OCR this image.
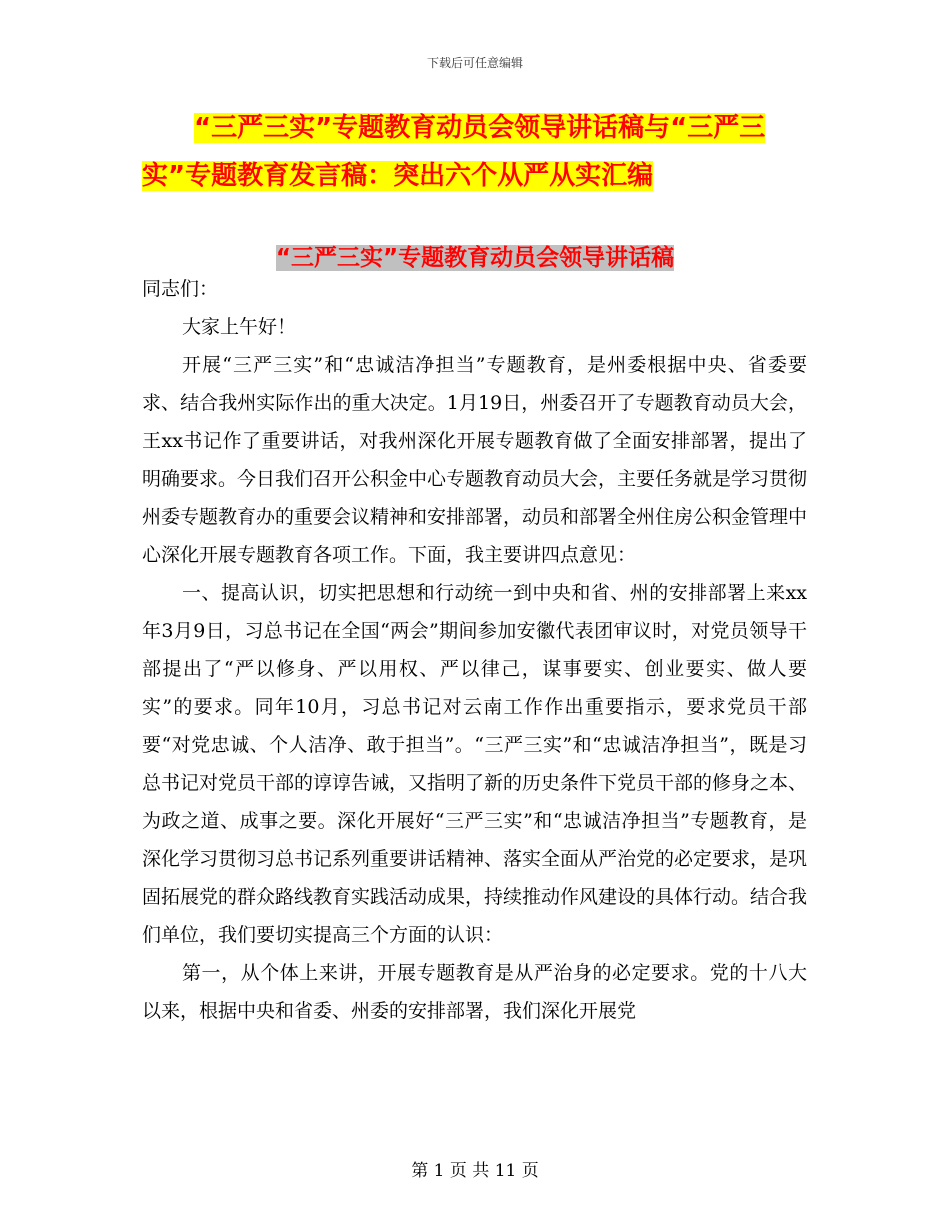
下载后可任意编辑
“三严三实”专题教育动员会领导讲话稿与“三严三实”专题教育发言稿：突出六个从严从实汇编
“三严三实”专题教育动员会领导讲话稿

同志们：

大家上午好！

开展“三严三实”和“忠诚洁净担当”专题教育，是州委根据中央、省委要求、结合我州实际作出的重大决定。1月19日，州委召开了专题教育动员大会，王xx书记作了重要讲话，对我州深化开展专题教育做了全面安排部署，提出了明确要求。今日我们召开公积金中心专题教育动员大会，主要任务就是学习贯彻州委专题教育办的重要会议精神和安排部署，动员和部署全州住房公积金管理中心深化开展专题教育各项工作。下面，我主要讲四点意见：

一、提高认识，切实把思想和行动统一到中央和省、州的安排部署上来xx年3月9日，习总书记在全国“两会”期间参加安徽代表团审议时，对党员领导干部提出了“严以修身、严以用权、严以律己，谋事要实、创业要实、做人要实”的要求。同年10月，习总书记对云南工作作出重要指示，要求党员干部要“对党忠诚、个人洁净、敢于担当”。“三严三实”和“忠诚洁净担当”，既是习总书记对党员干部的谆谆告诫，又指明了新的历史条件下党员干部的修身之本、为政之道、成事之要。深化开展好“三严三实”和“忠诚洁净担当”专题教育，是深化学习贯彻习总书记系列重要讲话精神、落实全面从严治党的必定要求，是巩固拓展党的群众路线教育实践活动成果，持续推动作风建设的具体行动。结合我们单位，我们要切实提高三个方面的认识：

第一，从个体上来讲，开展专题教育是从严治身的必定要求。党的十八大以来，根据中央和省委、州委的安排部署，我们深化开展党

第 1 页 共 11 页
